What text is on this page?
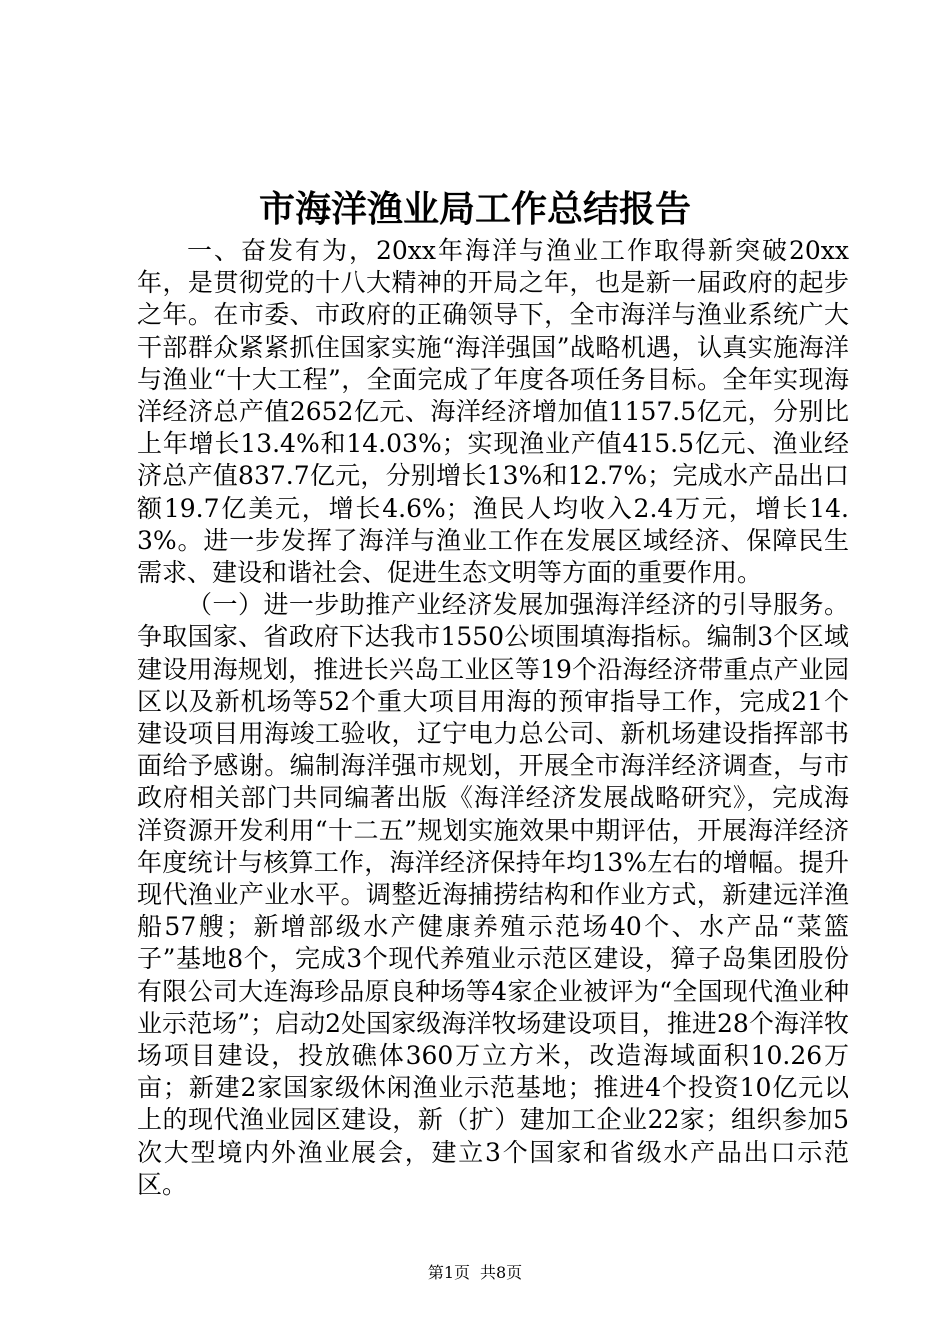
市海洋渔业局工作总结报告

一、奋发有为，20xx年海洋与渔业工作取得新突破20xx年，是贯彻党的十八大精神的开局之年，也是新一届政府的起步之年。在市委、市政府的正确领导下，全市海洋与渔业系统广大干部群众紧紧抓住国家实施“海洋强国”战略机遇，认真实施海洋与渔业“十大工程”，全面完成了年度各项任务目标。全年实现海洋经济总产值2652亿元、海洋经济增加值1157.5亿元，分别比上年增长13.4%和14.03%；实现渔业产值415.5亿元、渔业经济总产值837.7亿元，分别增长13%和12.7%；完成水产品出口额19.7亿美元，增长4.6%；渔民人均收入2.4万元，增长14.3%。进一步发挥了海洋与渔业工作在发展区域经济、保障民生需求、建设和谐社会、促进生态文明等方面的重要作用。

（一）进一步助推产业经济发展加强海洋经济的引导服务。争取国家、省政府下达我市1550公顷围填海指标。编制3个区域建设用海规划，推进长兴岛工业区等19个沿海经济带重点产业园区以及新机场等52个重大项目用海的预审指导工作，完成21个建设项目用海竣工验收，辽宁电力总公司、新机场建设指挥部书面给予感谢。编制海洋强市规划，开展全市海洋经济调查，与市政府相关部门共同编著出版《海洋经济发展战略研究》，完成海洋资源开发利用“十二五”规划实施效果中期评估，开展海洋经济年度统计与核算工作，海洋经济保持年均13%左右的增幅。提升现代渔业产业水平。调整近海捕捞结构和作业方式，新建远洋渔船57艘；新增部级水产健康养殖示范场40个、水产品“菜篮子”基地8个，完成3个现代养殖业示范区建设，獐子岛集团股份有限公司大连海珍品原良种场等4家企业被评为“全国现代渔业种业示范场”；启动2处国家级海洋牧场建设项目，推进28个海洋牧场项目建设，投放礁体360万立方米，改造海域面积10.26万亩；新建2家国家级休闲渔业示范基地；推进4个投资10亿元以上的现代渔业园区建设，新（扩）建加工企业22家；组织参加5次大型境内外渔业展会，建立3个国家和省级水产品出口示范区。

第1页 共8页
